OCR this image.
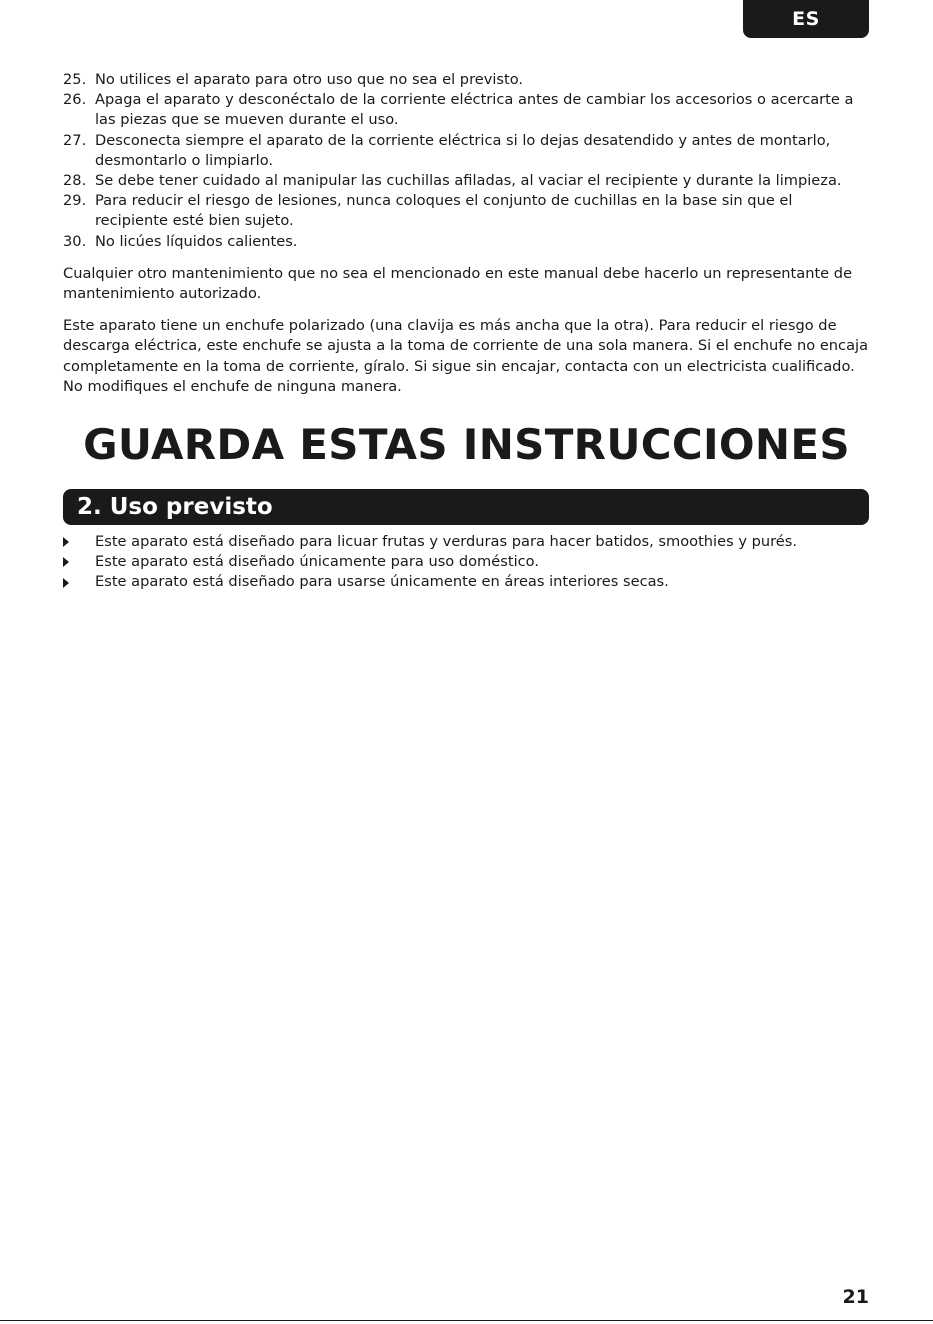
ES
25. No utilices el aparato para otro uso que no sea el previsto.
26. Apaga el aparato y desconéctalo de la corriente eléctrica antes de cambiar los accesorios o acercarte a las piezas que se mueven durante el uso.
27. Desconecta siempre el aparato de la corriente eléctrica si lo dejas desatendido y antes de montarlo, desmontarlo o limpiarlo.
28. Se debe tener cuidado al manipular las cuchillas afiladas, al vaciar el recipiente y durante la limpieza.
29. Para reducir el riesgo de lesiones, nunca coloques el conjunto de cuchillas en la base sin que el recipiente esté bien sujeto.
30. No licúes líquidos calientes.

Cualquier otro mantenimiento que no sea el mencionado en este manual debe hacerlo un representante de mantenimiento autorizado.

Este aparato tiene un enchufe polarizado (una clavija es más ancha que la otra). Para reducir el riesgo de descarga eléctrica, este enchufe se ajusta a la toma de corriente de una sola manera. Si el enchufe no encaja completamente en la toma de corriente, gíralo. Si sigue sin encajar, contacta con un electricista cualificado. No modifiques el enchufe de ninguna manera.

GUARDA ESTAS INSTRUCCIONES
2. Uso previsto
Este aparato está diseñado para licuar frutas y verduras para hacer batidos, smoothies y purés.
Este aparato está diseñado únicamente para uso doméstico.
Este aparato está diseñado para usarse únicamente en áreas interiores secas.
21
